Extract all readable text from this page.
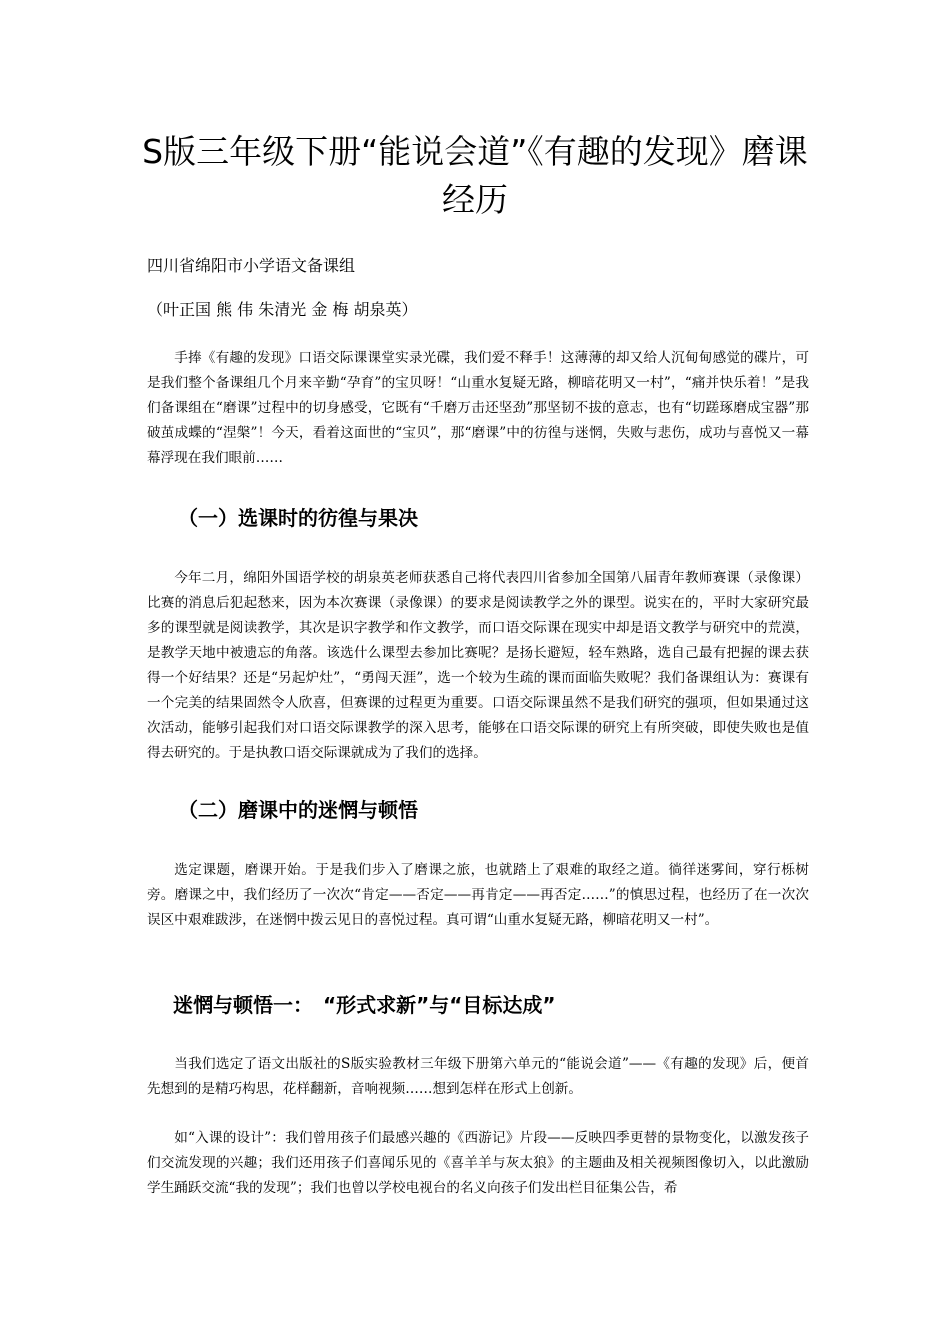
S版三年级下册“能说会道”《有趣的发现》磨课经历

四川省绵阳市小学语文备课组

（叶正国 熊 伟 朱清光 金 梅 胡泉英）

手捧《有趣的发现》口语交际课课堂实录光碟，我们爱不释手！这薄薄的却又给人沉甸甸感觉的碟片，可是我们整个备课组几个月来辛勤“孕育”的宝贝呀！“山重水复疑无路，柳暗花明又一村”，“痛并快乐着！”是我们备课组在“磨课”过程中的切身感受，它既有“千磨万击还坚劲”那坚韧不拔的意志，也有“切蹉琢磨成宝器”那破茧成蝶的“涅槃”！今天，看着这面世的“宝贝”，那“磨课”中的彷徨与迷惘，失败与悲伤，成功与喜悦又一幕幕浮现在我们眼前……

（一）选课时的彷徨与果决

今年二月，绵阳外国语学校的胡泉英老师获悉自己将代表四川省参加全国第八届青年教师赛课（录像课）比赛的消息后犯起愁来，因为本次赛课（录像课）的要求是阅读教学之外的课型。说实在的，平时大家研究最多的课型就是阅读教学，其次是识字教学和作文教学，而口语交际课在现实中却是语文教学与研究中的荒漠，是教学天地中被遗忘的角落。该选什么课型去参加比赛呢？是扬长避短，轻车熟路，选自己最有把握的课去获得一个好结果？还是“另起炉灶”，“勇闯天涯”，选一个较为生疏的课而面临失败呢？我们备课组认为：赛课有一个完美的结果固然令人欣喜，但赛课的过程更为重要。口语交际课虽然不是我们研究的强项，但如果通过这次活动，能够引起我们对口语交际课教学的深入思考，能够在口语交际课的研究上有所突破，即使失败也是值得去研究的。于是执教口语交际课就成为了我们的选择。

（二）磨课中的迷惘与顿悟

选定课题，磨课开始。于是我们步入了磨课之旅，也就踏上了艰难的取经之道。徜徉迷雾间，穿行栎树旁。磨课之中，我们经历了一次次“肯定——否定——再肯定——再否定……”的慎思过程，也经历了在一次次误区中艰难跋涉，在迷惘中拨云见日的喜悦过程。真可谓“山重水复疑无路，柳暗花明又一村”。

迷惘与顿悟一：　“形式求新”与“目标达成”

当我们选定了语文出版社的S版实验教材三年级下册第六单元的“能说会道”——《有趣的发现》后，便首先想到的是精巧构思，花样翻新，音响视频……想到怎样在形式上创新。

如“入课的设计”：我们曾用孩子们最感兴趣的《西游记》片段——反映四季更替的景物变化，以激发孩子们交流发现的兴趣；我们还用孩子们喜闻乐见的《喜羊羊与灰太狼》的主题曲及相关视频图像切入，以此激励学生踊跃交流“我的发现”；我们也曾以学校电视台的名义向孩子们发出栏目征集公告，希
